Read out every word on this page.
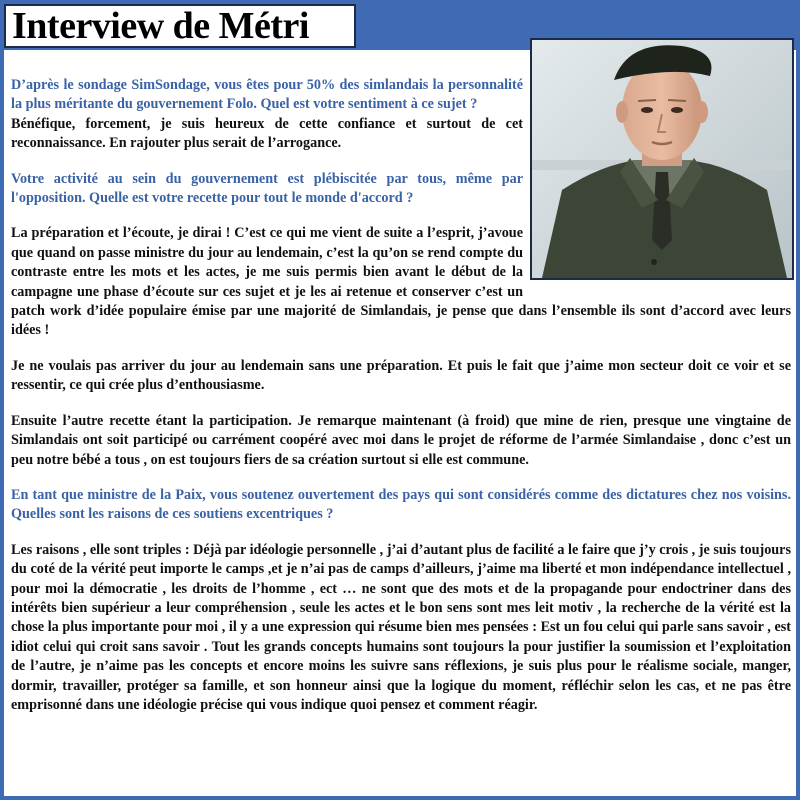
Interview de Métri

D’après le sondage SimSondage, vous êtes pour 50% des simlandais la personnalité la plus méritante du gouvernement Folo. Quel est votre sentiment à ce sujet ?

Bénéfique, forcement, je suis heureux de cette confiance et surtout de cet reconnaissance. En rajouter plus serait de l’arrogance.

Votre activité au sein du gouvernement est plébiscitée par tous, même par l'opposition. Quelle est votre recette pour tout le monde d'accord ?

La préparation et l’écoute, je dirai ! C’est ce qui me vient de suite a l’esprit, j’avoue que quand on passe ministre du jour au lendemain, c’est la qu’on se rend compte du contraste entre les mots et les actes, je me suis permis bien avant le début de la campagne une phase d’écoute sur ces sujet et je les ai retenue et conserver c’est un patch work d’idée populaire émise par une majorité de Simlandais, je pense que dans l’ensemble ils sont d’accord avec leurs idées !

Je ne voulais pas arriver du jour au lendemain sans une préparation. Et puis le fait que j’aime mon secteur doit ce voir et se ressentir, ce qui crée plus d’enthousiasme.

Ensuite l’autre recette étant la participation. Je remarque maintenant (à froid) que mine de rien, presque une vingtaine de Simlandais ont soit participé ou carrément coopéré avec moi dans le projet de réforme de l’armée Simlandaise , donc c’est un peu notre bébé a tous , on est toujours fiers de sa création surtout si elle est commune.

En tant que ministre de la Paix, vous soutenez ouvertement des pays qui sont considérés comme des dictatures chez nos voisins. Quelles sont les raisons de ces soutiens excentriques ?

Les raisons , elle sont triples : Déjà par idéologie personnelle , j’ai d’autant plus de facilité a le faire que j’y crois , je suis toujours du coté de la vérité peut importe le camps ,et je n’ai pas de camps d’ailleurs, j’aime ma liberté et mon indépendance intellectuel , pour moi la démocratie , les droits de l’homme , ect … ne sont que des mots et de la propagande pour endoctriner dans des intérêts bien supérieur a leur compréhension , seule les actes et le bon sens sont mes leit motiv , la recherche de la vérité est la chose la plus importante pour moi , il y a une expression qui résume bien mes pensées : Est un fou celui qui parle sans savoir , est idiot celui qui croit sans savoir . Tout les grands concepts humains sont toujours la pour justifier la soumission et l’exploitation de l’autre, je n’aime pas les concepts et encore moins les suivre sans réflexions, je suis plus pour le réalisme sociale, manger, dormir, travailler, protéger sa famille, et son honneur ainsi que la logique du moment, réfléchir selon les cas, et ne pas être emprisonné dans une idéologie précise qui vous indique quoi pensez et comment réagir.
